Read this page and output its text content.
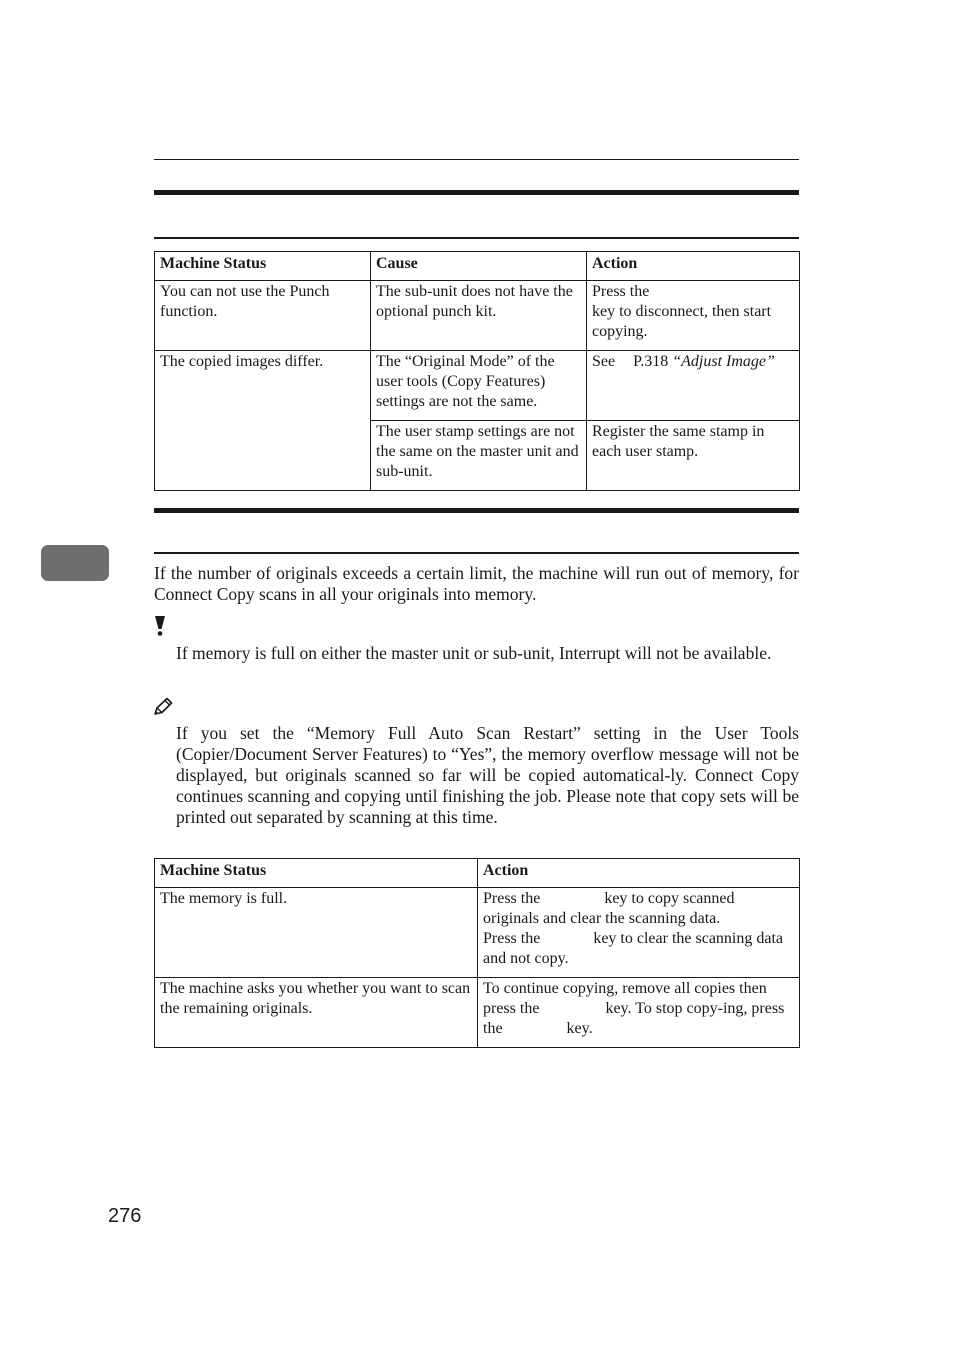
Machine Status	Cause	Action
You can not use the Punch function.	The sub-unit does not have the optional punch kit.	Press the
key to disconnect, then start copying.
The copied images differ.	The “Original Mode” of the user tools (Copy Features) settings are not the same.	See P.318 “Adjust Image”
	The user stamp settings are not the same on the master unit and sub-unit.	Register the same stamp in each user stamp.
If the number of originals exceeds a certain limit, the machine will run out of memory, for Connect Copy scans in all your originals into memory.
If memory is full on either the master unit or sub-unit, Interrupt will not be available.
If you set the “Memory Full Auto Scan Restart” setting in the User Tools (Copier/Document Server Features) to “Yes”, the memory overflow message will not be displayed, but originals scanned so far will be copied automatical-ly. Connect Copy continues scanning and copying until finishing the job. Please note that copy sets will be printed out separated by scanning at this time.
Machine Status	Action
The memory is full.	Press the key to copy scanned originals and clear the scanning data.
Press the key to clear the scanning data and not copy.
The machine asks you whether you want to scan the remaining originals.	To continue copying, remove all copies then press the key. To stop copy-ing, press the key.
276
